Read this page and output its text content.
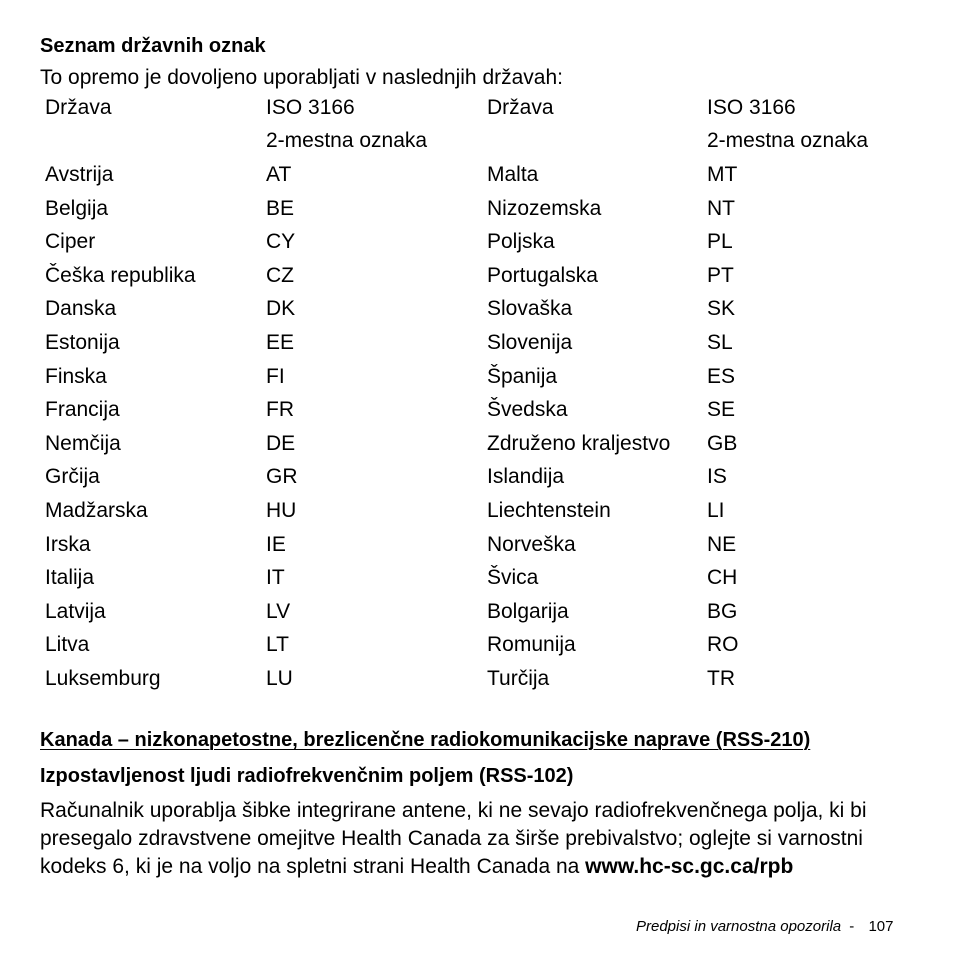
Seznam državnih oznak
To opremo je dovoljeno uporabljati v naslednjih državah:
Država	ISO 3166	Država	ISO 3166
	2-mestna oznaka		2-mestna oznaka
Avstrija	AT	Malta	MT
Belgija	BE	Nizozemska	NT
Ciper	CY	Poljska	PL
Češka republika	CZ	Portugalska	PT
Danska	DK	Slovaška	SK
Estonija	EE	Slovenija	SL
Finska	FI	Španija	ES
Francija	FR	Švedska	SE
Nemčija	DE	Združeno kraljestvo	GB
Grčija	GR	Islandija	IS
Madžarska	HU	Liechtenstein	LI
Irska	IE	Norveška	NE
Italija	IT	Švica	CH
Latvija	LV	Bolgarija	BG
Litva	LT	Romunija	RO
Luksemburg	LU	Turčija	TR
Kanada – nizkonapetostne, brezlicenčne radiokomunikacijske naprave (RSS-210)
Izpostavljenost ljudi radiofrekvenčnim poljem (RSS-102)
Računalnik uporablja šibke integrirane antene, ki ne sevajo radiofrekvenčnega polja, ki bi
presegalo zdravstvene omejitve Health Canada za širše prebivalstvo; oglejte si varnostni
kodeks 6, ki je na voljo na spletni strani Health Canada na www.hc-sc.gc.ca/rpb
Predpisi in varnostna opozorila - 107
